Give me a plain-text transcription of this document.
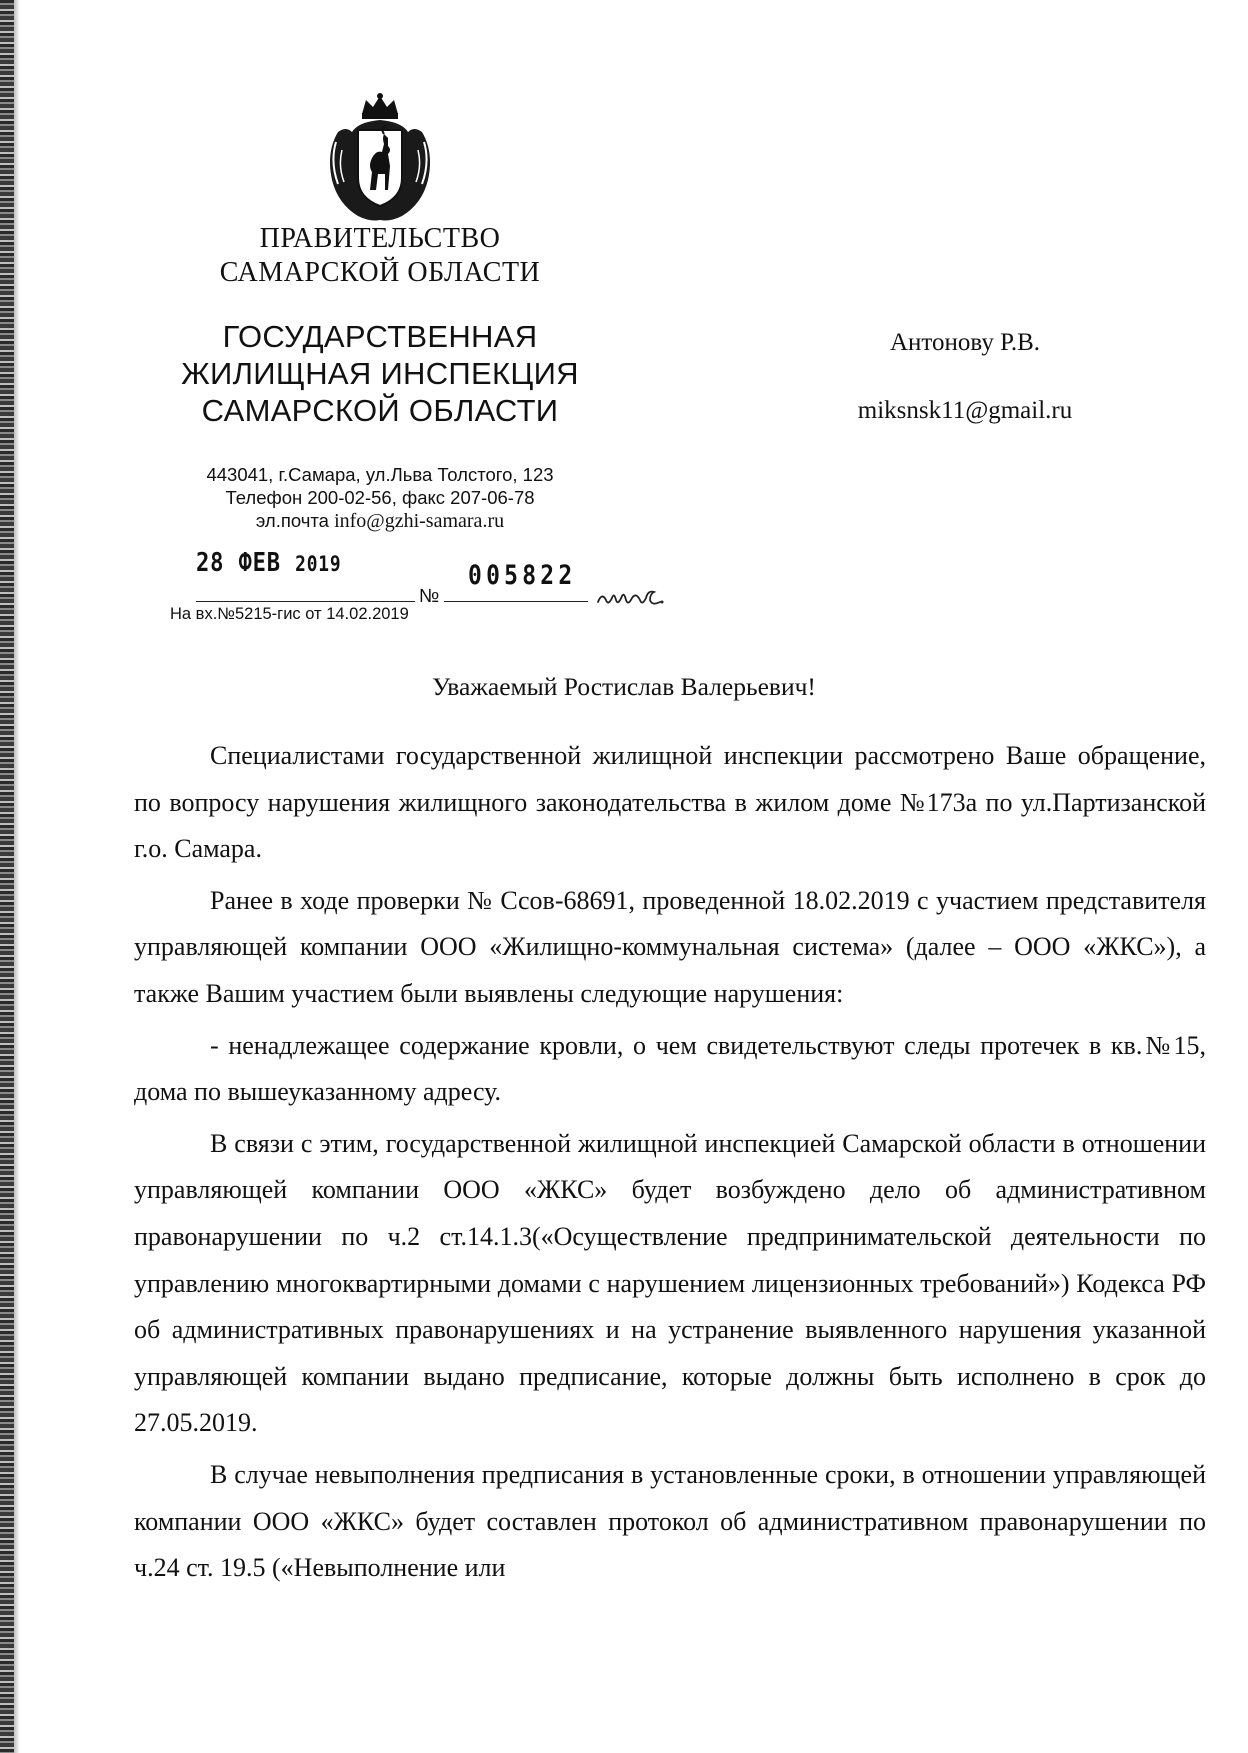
ПРАВИТЕЛЬСТВО
САМАРСКОЙ ОБЛАСТИ
ГОСУДАРСТВЕННАЯ
ЖИЛИЩНАЯ ИНСПЕКЦИЯ
САМАРСКОЙ ОБЛАСТИ
443041, г.Самара, ул.Льва Толстого, 123
Телефон 200-02-56, факс 207-06-78
эл.почта info@gzhi-samara.ru
Антонову Р.В.
miksnsk11@gmail.ru
28 ФЕВ 2019
№
005822
На вх.№5215-гис от 14.02.2019
Уважаемый Ростислав Валерьевич!

Специалистами государственной жилищной инспекции рассмотрено Ваше обращение, по вопросу нарушения жилищного законодательства в жилом доме №173а по ул.Партизанской г.о. Самара.

Ранее в ходе проверки № Ссов-68691, проведенной 18.02.2019 с участием представителя управляющей компании ООО «Жилищно-коммунальная система» (далее – ООО «ЖКС»), а также Вашим участием были выявлены следующие нарушения:

- ненадлежащее содержание кровли, о чем свидетельствуют следы протечек в кв.№15, дома по вышеуказанному адресу.

В связи с этим, государственной жилищной инспекцией Самарской области в отношении управляющей компании ООО «ЖКС» будет возбуждено дело об административном правонарушении по ч.2 ст.14.1.3(«Осуществление предпринимательской деятельности по управлению многоквартирными домами с нарушением лицензионных требований») Кодекса РФ об административных правонарушениях и на устранение выявленного нарушения указанной управляющей компании выдано предписание, которые должны быть исполнено в срок до 27.05.2019.

В случае невыполнения предписания в установленные сроки, в отношении управляющей компании ООО «ЖКС» будет составлен протокол об административном правонарушении по ч.24 ст. 19.5 («Невыполнение или
